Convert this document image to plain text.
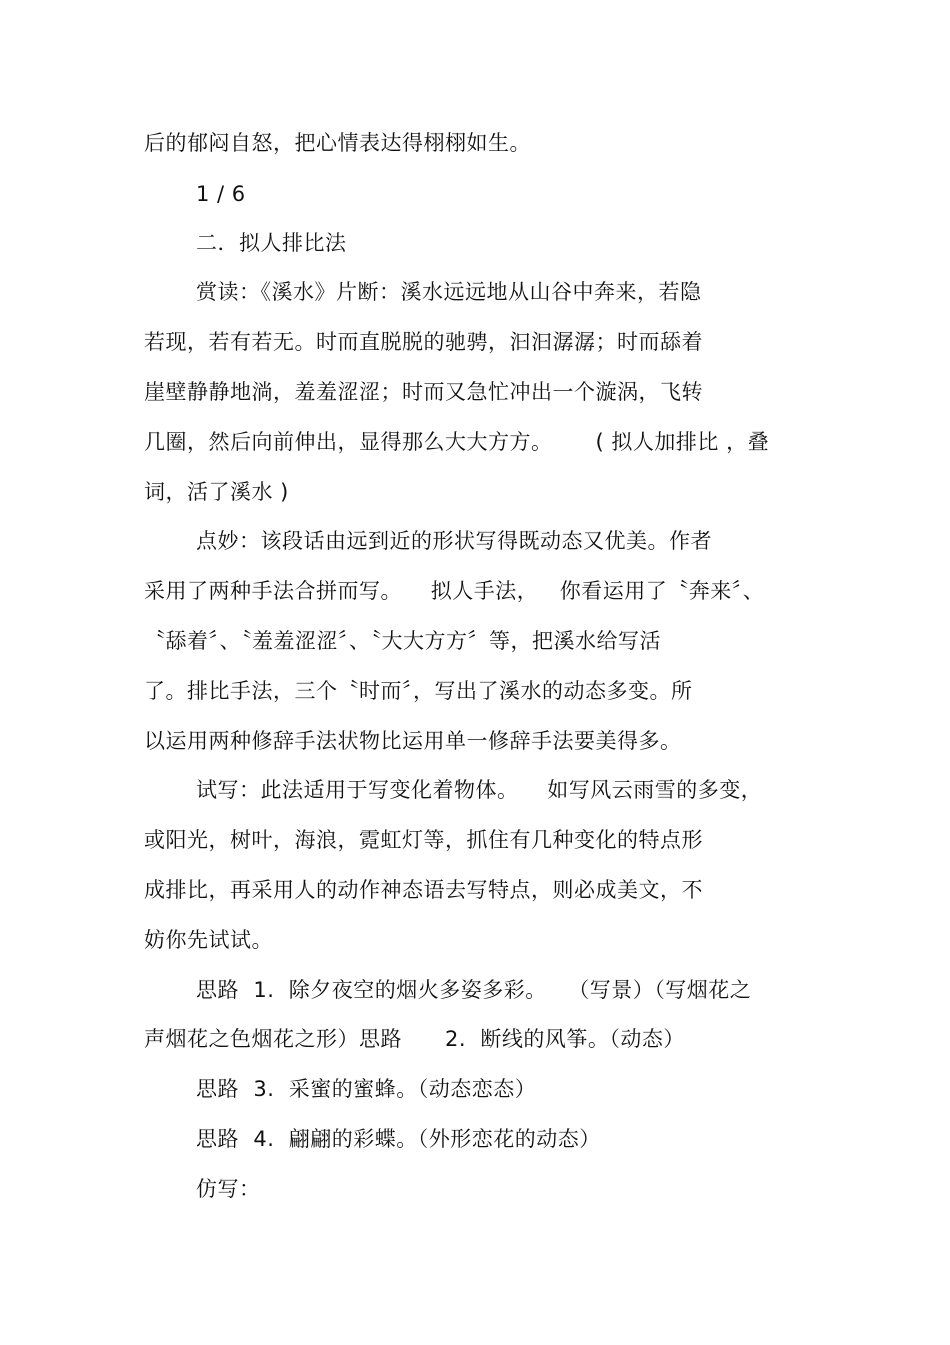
后的郁闷自怒，把心情表达得栩栩如生。
1 / 6
二．拟人排比法
赏读：《溪水》片断：溪水远远地从山谷中奔来，若隐
若现，若有若无。时而直脱脱的驰骋，汩汩潺潺；时而舔着
崖壁静静地淌，羞羞涩涩；时而又急忙冲出一个漩涡，飞转
几圈，然后向前伸出，显得那么大大方方。      ( 拟人加排比 ，叠
词，活了溪水 )
点妙：该段话由远到近的形状写得既动态又优美。作者
采用了两种手法合拼而写。    拟人手法，   你看运用了〝奔来〞、
〝舔着〞、〝羞羞涩涩〞、〝大大方方〞等，把溪水给写活
了。排比手法，三个〝时而〞，写出了溪水的动态多变。所
以运用两种修辞手法状物比运用单一修辞手法要美得多。
试写：此法适用于写变化着物体。    如写风云雨雪的多变，
或阳光，树叶，海浪，霓虹灯等，抓住有几种变化的特点形
成排比，再采用人的动作神态语去写特点，则必成美文，不
妨你先试试。
思路  1.  除夕夜空的烟火多姿多彩。   （写景）（写烟花之
声烟花之色烟花之形）思路      2.  断线的风筝。（动态）
思路  3.  采蜜的蜜蜂。（动态恋态）
思路  4.  翩翩的彩蝶。（外形恋花的动态）
仿写：
